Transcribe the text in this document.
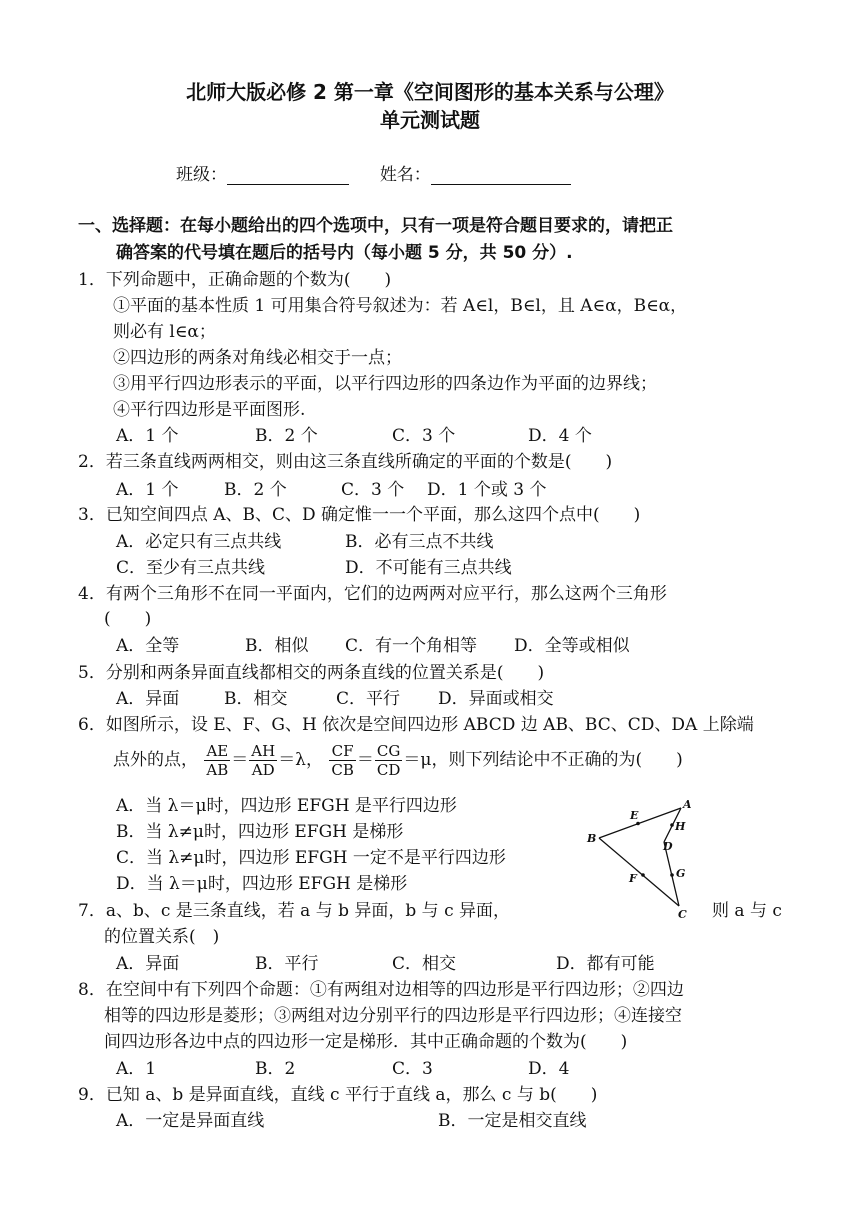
北师大版必修 2 第一章《空间图形的基本关系与公理》
单元测试题
班级：	姓名：
一、选择题：在每小题给出的四个选项中，只有一项是符合题目要求的，请把正
确答案的代号填在题后的括号内（每小题 5 分，共 50 分）.
1．下列命题中，正确命题的个数为(　　)
①平面的基本性质 1 可用集合符号叙述为：若 A∈l，B∈l，且 A∈α，B∈α，
则必有 l∈α；
②四边形的两条对角线必相交于一点；
③用平行四边形表示的平面，以平行四边形的四条边作为平面的边界线；
④平行四边形是平面图形.
A．1 个	B．2 个	C．3 个	D．4 个
2．若三条直线两两相交，则由这三条直线所确定的平面的个数是(　　)
A．1 个	B．2 个	C．3 个 D．1 个或 3 个
3．已知空间四点 A、B、C、D 确定惟一一个平面，那么这四个点中(　　)
A．必定只有三点共线	B．必有三点不共线
C．至少有三点共线	D．不可能有三点共线
4．有两个三角形不在同一平面内，它们的边两两对应平行，那么这两个三角形
(　　)
A．全等	B．相似 C．有一个角相等 D．全等或相似
5．分别和两条异面直线都相交的两条直线的位置关系是(　　)
A．异面	B．相交	C．平行 D．异面或相交
6．如图所示，设 E、F、G、H 依次是空间四边形 ABCD 边 AB、BC、CD、DA 上除端
点外的点， $\frac{AE}{AB} = \frac{AH}{AD} =\lambda$， $\frac{CF}{CB} = \frac{CG}{CD} =\mu$，则下列结论中不正确的为(　　)
A．当 λ＝μ时，四边形 EFGH 是平行四边形
B．当 λ≠μ时，四边形 EFGH 是梯形
C．当 λ≠μ时，四边形 EFGH 一定不是平行四边形
D．当 λ＝μ时，四边形 EFGH 是梯形
A
B
C
D
E
F	G
H
7．a、b、c 是三条直线，若 a 与 b 异面，b 与 c 异面，	则 a 与 c
的位置关系(　)
A．异面	B．平行	C．相交	D．都有可能
8．在空间中有下列四个命题：①有两组对边相等的四边形是平行四边形；②四边
相等的四边形是菱形；③两组对边分别平行的四边形是平行四边形；④连接空
间四边形各边中点的四边形一定是梯形．其中正确命题的个数为(　　)
A．1	B．2	C．3	D．4
9．已知 a、b 是异面直线，直线 c 平行于直线 a，那么 c 与 b(　　)
A．一定是异面直线	B．一定是相交直线
